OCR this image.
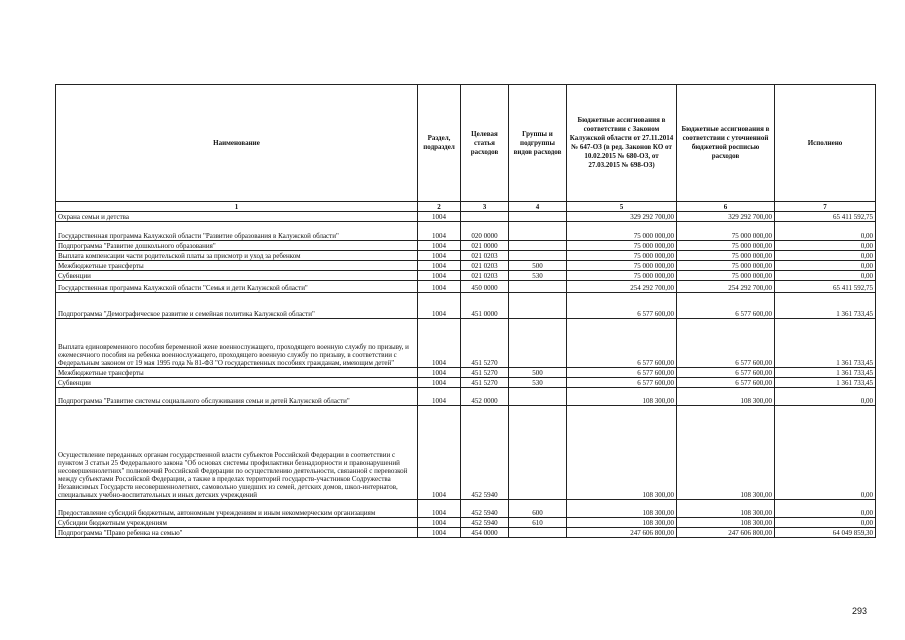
Наименование	Раздел, подраздел	Целевая статья расходов	Группы и подгруппы видов расходов	Бюджетные ассигнования в соответствии с Законом Калужской области от 27.11.2014 № 647-ОЗ (в ред. Законов КО от 10.02.2015 № 680-ОЗ, от 27.03.2015 № 698-ОЗ)	Бюджетные ассигнования в соответствии с уточненной бюджетной росписью расходов	Исполнено
1	2	3	4	5	6	7
Охрана семьи и детства	1004			329 292 700,00	329 292 700,00	65 411 592,75
Государственная программа Калужской области "Развитие образования в Калужской области"	1004	020 0000		75 000 000,00	75 000 000,00	0,00
Подпрограмма "Развитие дошкольного образования"	1004	021 0000		75 000 000,00	75 000 000,00	0,00
Выплата компенсации части родительской платы за присмотр и уход за ребенком	1004	021 0203		75 000 000,00	75 000 000,00	0,00
Межбюджетные трансферты	1004	021 0203	500	75 000 000,00	75 000 000,00	0,00
Субвенции	1004	021 0203	530	75 000 000,00	75 000 000,00	0,00
Государственная программа Калужской области "Семья и дети Калужской области"	1004	450 0000		254 292 700,00	254 292 700,00	65 411 592,75
Подпрограмма "Демографическое развитие и семейная политика Калужской области"	1004	451 0000		6 577 600,00	6 577 600,00	1 361 733,45
Выплата единовременного пособия беременной жене военнослужащего, проходящего военную службу по призыву, и ежемесячного пособия на ребенка военнослужащего, проходящего военную службу по призыву, в соответствии с Федеральным законом от 19 мая 1995 года № 81-ФЗ "О государственных пособиях гражданам, имеющим детей"	1004	451 5270		6 577 600,00	6 577 600,00	1 361 733,45
Межбюджетные трансферты	1004	451 5270	500	6 577 600,00	6 577 600,00	1 361 733,45
Субвенции	1004	451 5270	530	6 577 600,00	6 577 600,00	1 361 733,45
Подпрограмма "Развитие системы социального обслуживания семьи и детей Калужской области"	1004	452 0000		108 300,00	108 300,00	0,00
Осуществление переданных органам государственной власти субъектов Российской Федерации в соответствии с пунктом 3 статьи 25 Федерального закона "Об основах системы профилактики безнадзорности и правонарушений несовершеннолетних" полномочий Российской Федерации по осуществлению деятельности, связанной с перевозкой между субъектами Российской Федерации, а также в пределах территорий государств-участников Содружества Независимых Государств несовершеннолетних, самовольно ушедших из семей, детских домов, школ-интернатов, специальных учебно-воспитательных и иных детских учреждений	1004	452 5940		108 300,00	108 300,00	0,00
Предоставление субсидий бюджетным, автономным учреждениям и иным некоммерческим организациям	1004	452 5940	600	108 300,00	108 300,00	0,00
Субсидии бюджетным учреждениям	1004	452 5940	610	108 300,00	108 300,00	0,00
Подпрограмма "Право ребенка на семью"	1004	454 0000		247 606 800,00	247 606 800,00	64 049 859,30
293
